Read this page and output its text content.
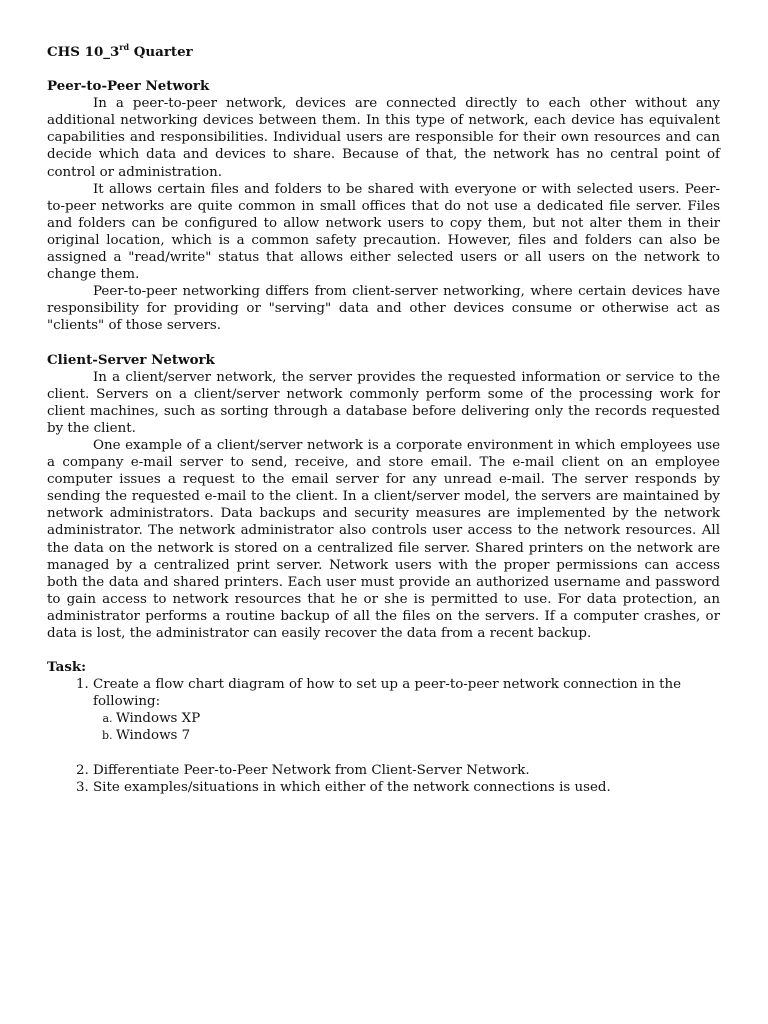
CHS 10_3rd Quarter
Peer-to-Peer Network

In a peer-to-peer network, devices are connected directly to each other without any additional networking devices between them. In this type of network, each device has equivalent capabilities and responsibilities. Individual users are responsible for their own resources and can decide which data and devices to share. Because of that, the network has no central point of control or administration.

It allows certain files and folders to be shared with everyone or with selected users. Peer-to-peer networks are quite common in small offices that do not use a dedicated file server. Files and folders can be configured to allow network users to copy them, but not alter them in their original location, which is a common safety precaution. However, files and folders can also be assigned a "read/write" status that allows either selected users or all users on the network to change them.

Peer-to-peer networking differs from client-server networking, where certain devices have responsibility for providing or "serving" data and other devices consume or otherwise act as "clients" of those servers.

Client-Server Network

In a client/server network, the server provides the requested information or service to the client. Servers on a client/server network commonly perform some of the processing work for client machines, such as sorting through a database before delivering only the records requested by the client.

One example of a client/server network is a corporate environment in which employees use a company e-mail server to send, receive, and store email. The e-mail client on an employee computer issues a request to the email server for any unread e-mail. The server responds by sending the requested e-mail to the client. In a client/server model, the servers are maintained by network administrators. Data backups and security measures are implemented by the network administrator. The network administrator also controls user access to the network resources. All the data on the network is stored on a centralized file server. Shared printers on the network are managed by a centralized print server. Network users with the proper permissions can access both the data and shared printers. Each user must provide an authorized username and password to gain access to network resources that he or she is permitted to use. For data protection, an administrator performs a routine backup of all the files on the servers. If a computer crashes, or data is lost, the administrator can easily recover the data from a recent backup.

Task:
1. Create a flow chart diagram of how to set up a peer-to-peer network connection in the following:
a. Windows XP
b. Windows 7
2. Differentiate Peer-to-Peer Network from Client-Server Network.
3. Site examples/situations in which either of the network connections is used.
